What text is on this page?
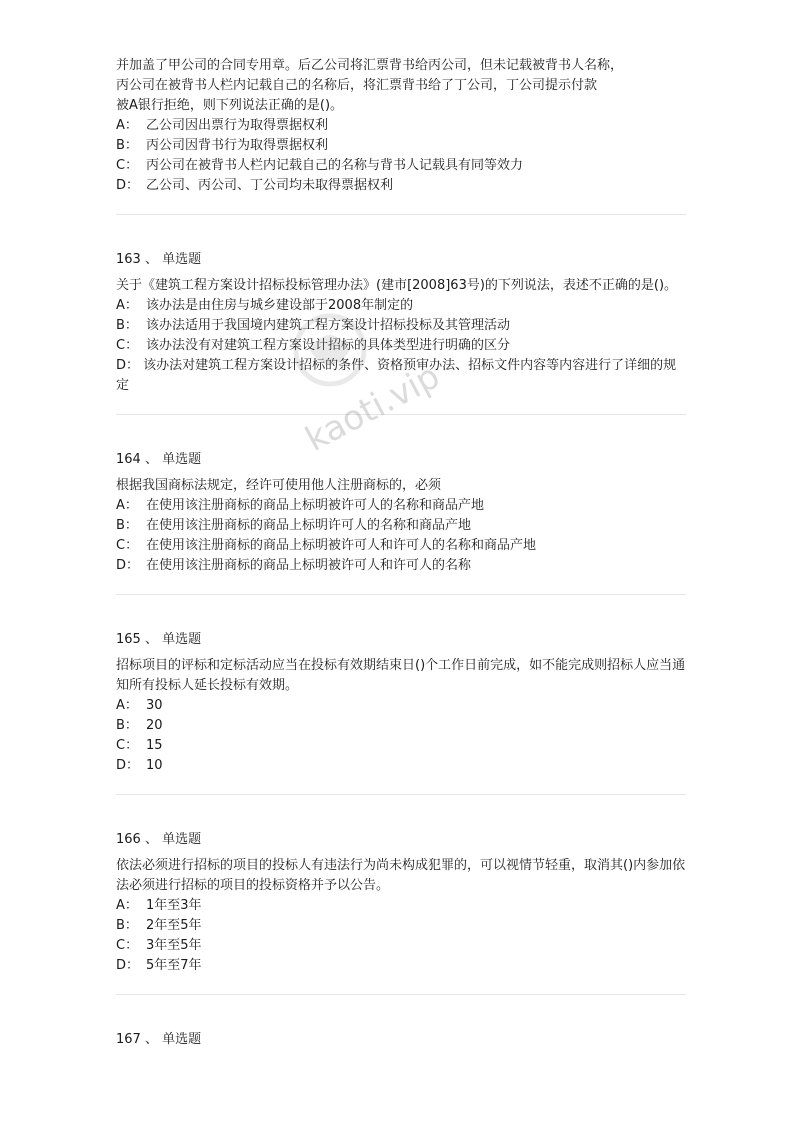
并加盖了甲公司的合同专用章。后乙公司将汇票背书给丙公司，但未记载被背书人名称，
丙公司在被背书人栏内记载自己的名称后，将汇票背书给了丁公司，丁公司提示付款
被A银行拒绝，则下列说法正确的是()。
A： 乙公司因出票行为取得票据权利
B： 丙公司因背书行为取得票据权利
C： 丙公司在被背书人栏内记载自己的名称与背书人记载具有同等效力
D： 乙公司、丙公司、丁公司均未取得票据权利
163 、 单选题
关于《建筑工程方案设计招标投标管理办法》(建市[2008]63号)的下列说法，表述不正确的是()。
A： 该办法是由住房与城乡建设部于2008年制定的
B： 该办法适用于我国境内建筑工程方案设计招标投标及其管理活动
C： 该办法没有对建筑工程方案设计招标的具体类型进行明确的区分
D： 该办法对建筑工程方案设计招标的条件、资格预审办法、招标文件内容等内容进行了详细的规定
164 、 单选题
根据我国商标法规定，经许可使用他人注册商标的，必须
A： 在使用该注册商标的商品上标明被许可人的名称和商品产地
B： 在使用该注册商标的商品上标明许可人的名称和商品产地
C： 在使用该注册商标的商品上标明被许可人和许可人的名称和商品产地
D： 在使用该注册商标的商品上标明被许可人和许可人的名称
165 、 单选题
招标项目的评标和定标活动应当在投标有效期结束日()个工作日前完成，如不能完成则招标人应当通知所有投标人延长投标有效期。
A： 30
B： 20
C： 15
D： 10
166 、 单选题
依法必须进行招标的项目的投标人有违法行为尚未构成犯罪的，可以视情节轻重，取消其()内参加依法必须进行招标的项目的投标资格并予以公告。
A： 1年至3年
B： 2年至5年
C： 3年至5年
D： 5年至7年
167 、 单选题
kaoti.vip
